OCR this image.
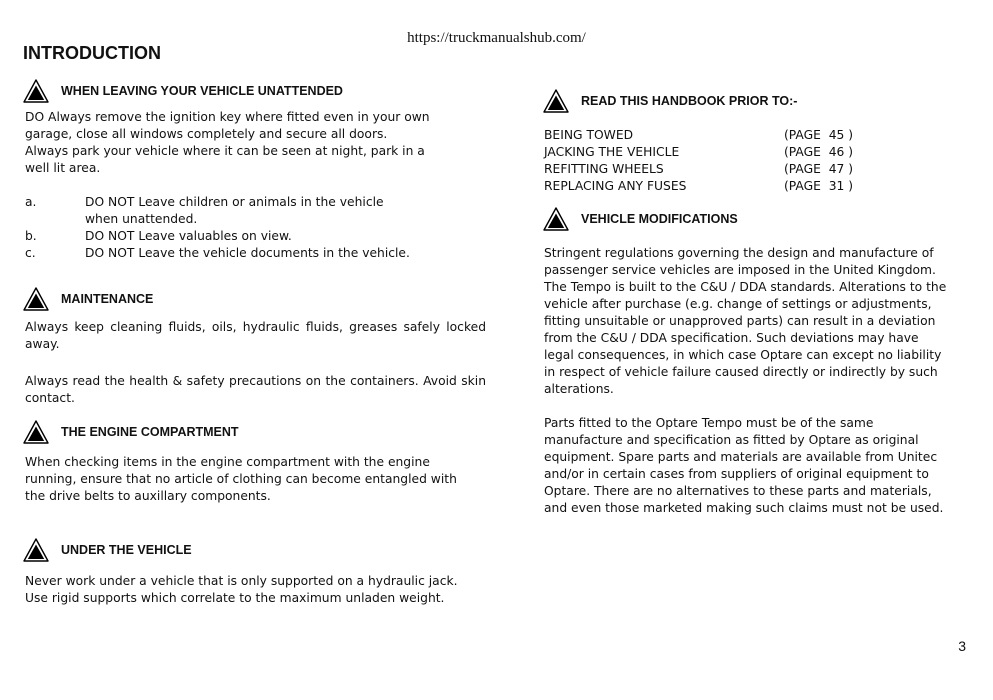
https://truckmanualshub.com/
INTRODUCTION
WHEN LEAVING YOUR VEHICLE UNATTENDED
DO Always remove the ignition key where fitted even in your own
garage, close all windows completely and secure all doors.
Always park your vehicle where it can be seen at night, park in a
well lit area.
a.	DO NOT Leave children or animals in the vehicle
when unattended.
b.	DO NOT Leave valuables on view.
c.	DO NOT Leave the vehicle documents in the vehicle.
MAINTENANCE
Always keep cleaning fluids, oils, hydraulic fluids, greases safely locked away.
Always read the health & safety precautions on the containers. Avoid skin contact.
THE ENGINE COMPARTMENT
When checking items in the engine compartment with the engine
running, ensure that no article of clothing can become entangled with
the drive belts to auxillary components.
UNDER THE VEHICLE
Never work under a vehicle that is only supported on a hydraulic jack.
Use rigid supports which correlate to the maximum unladen weight.
READ THIS HANDBOOK PRIOR TO:-
BEING TOWED	(PAGE  45 )
JACKING THE VEHICLE	(PAGE  46 )
REFITTING WHEELS	(PAGE  47 )
REPLACING ANY FUSES	(PAGE  31 )
VEHICLE MODIFICATIONS
Stringent regulations governing the design and manufacture of
passenger service vehicles are imposed in the United Kingdom.
The Tempo is built to the C&U / DDA standards. Alterations to the
vehicle after purchase (e.g. change of settings or adjustments,
fitting unsuitable or unapproved parts) can result in a deviation
from the C&U / DDA specification. Such deviations may have
legal consequences, in which case Optare can except no liability
in respect of vehicle failure caused directly or indirectly by such
alterations.
Parts fitted to the Optare Tempo must be of the same
manufacture and specification as fitted by Optare as original
equipment. Spare parts and materials are available from Unitec
and/or in certain cases from suppliers of original equipment to
Optare. There are no alternatives to these parts and materials,
and even those marketed making such claims must not be used.
3
